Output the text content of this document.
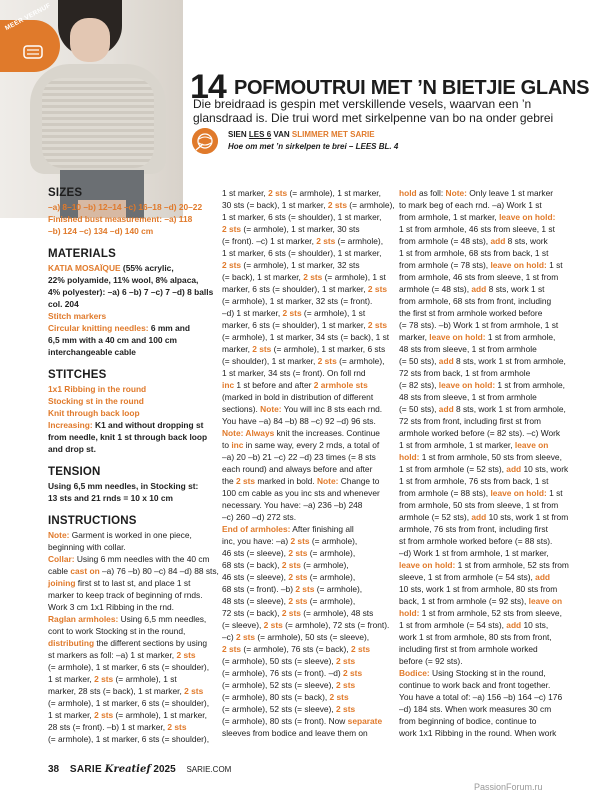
MEER VERNUF
14 POFMOUTRUI MET ’N BIETJIE GLANS

Die breidraad is gespin met verskillende vesels, waarvan een ’n glansdraad is. Die trui word met sirkelpenne van bo na onder gebrei

SIEN LES 6 VAN SLIMMER MET SARIE
Hoe om met ’n sirkelpen te brei – LEES BL. 4
SIZES

–a) 8–10 –b) 12–14 –c) 16–18 –d) 20–22

Finished bust measurement: –a) 118

–b) 124 –c) 134 –d) 140 cm

MATERIALS

KATIA MOSAÏQUE (55% acrylic,

22% polyamide, 11% wool, 8% alpaca,

4% polyester): –a) 6 –b) 7 –c) 7 –d) 8 balls

col. 204

Stitch markers

Circular knitting needles: 6 mm and

6,5 mm with a 40 cm and 100 cm

interchangeable cable

STITCHES

1x1 Ribbing in the round

Stocking st in the round

Knit through back loop

Increasing: K1 and without dropping st

from needle, knit 1 st through back loop

and drop st.

TENSION

Using 6,5 mm needles, in Stocking st:

13 sts and 21 rnds = 10 x 10 cm

INSTRUCTIONS

Note: Garment is worked in one piece,

beginning with collar.

Collar: Using 6 mm needles with the 40 cm

cable cast on –a) 76 –b) 80 –c) 84 –d) 88 sts,

joining first st to last st, and place 1 st

marker to keep track of beginning of rnds.

Work 3 cm 1x1 Ribbing in the rnd.

Raglan armholes: Using 6,5 mm needles,

cont to work Stocking st in the round,

distributing the different sections by using

st markers as foll: –a) 1 st marker, 2 sts

(= armhole), 1 st marker, 6 sts (= shoulder),

1 st marker, 2 sts (= armhole), 1 st

marker, 28 sts (= back), 1 st marker, 2 sts

(= armhole), 1 st marker, 6 sts (= shoulder),

1 st marker, 2 sts (= armhole), 1 st marker,

28 sts (= front). –b) 1 st marker, 2 sts

(= armhole), 1 st marker, 6 sts (= shoulder),

1 st marker, 2 sts (= armhole), 1 st marker,

30 sts (= back), 1 st marker, 2 sts (= armhole),

1 st marker, 6 sts (= shoulder), 1 st marker,

2 sts (= armhole), 1 st marker, 30 sts

(= front). –c) 1 st marker, 2 sts (= armhole),

1 st marker, 6 sts (= shoulder), 1 st marker,

2 sts (= armhole), 1 st marker, 32 sts

(= back), 1 st marker, 2 sts (= armhole), 1 st

marker, 6 sts (= shoulder), 1 st marker, 2 sts

(= armhole), 1 st marker, 32 sts (= front).

–d) 1 st marker, 2 sts (= armhole), 1 st

marker, 6 sts (= shoulder), 1 st marker, 2 sts

(= armhole), 1 st marker, 34 sts (= back), 1 st

marker, 2 sts (= armhole), 1 st marker, 6 sts

(= shoulder), 1 st marker, 2 sts (= armhole),

1 st marker, 34 sts (= front). On foll rnd

inc 1 st before and after 2 armhole sts

(marked in bold in distribution of different

sections). Note: You will inc 8 sts each rnd.

You have –a) 84 –b) 88 –c) 92 –d) 96 sts.

Note: Always knit the increases. Continue

to inc in same way, every 2 rnds, a total of

–a) 20 –b) 21 –c) 22 –d) 23 times (= 8 sts

each round) and always before and after

the 2 sts marked in bold. Note: Change to

100 cm cable as you inc sts and whenever

necessary. You have: –a) 236 –b) 248

–c) 260 –d) 272 sts.

End of armholes: After finishing all

inc, you have: –a) 2 sts (= armhole),

46 sts (= sleeve), 2 sts (= armhole),

68 sts (= back), 2 sts (= armhole),

46 sts (= sleeve), 2 sts (= armhole),

68 sts (= front). –b) 2 sts (= armhole),

48 sts (= sleeve), 2 sts (= armhole),

72 sts (= back), 2 sts (= armhole), 48 sts

(= sleeve), 2 sts (= armhole), 72 sts (= front).

–c) 2 sts (= armhole), 50 sts (= sleeve),

2 sts (= armhole), 76 sts (= back), 2 sts

(= armhole), 50 sts (= sleeve), 2 sts

(= armhole), 76 sts (= front). –d) 2 sts

(= armhole), 52 sts (= sleeve), 2 sts

(= armhole), 80 sts (= back), 2 sts

(= armhole), 52 sts (= sleeve), 2 sts

(= armhole), 80 sts (= front). Now separate

sleeves from bodice and leave them on

hold as foll: Note: Only leave 1 st marker

to mark beg of each rnd. –a) Work 1 st

from armhole, 1 st marker, leave on hold:

1 st from armhole, 46 sts from sleeve, 1 st

from armhole (= 48 sts), add 8 sts, work

1 st from armhole, 68 sts from back, 1 st

from armhole (= 78 sts), leave on hold: 1 st

from armhole, 46 sts from sleeve, 1 st from

armhole (= 48 sts), add 8 sts, work 1 st

from armhole, 68 sts from front, including

the first st from armhole worked before

(= 78 sts). –b) Work 1 st from armhole, 1 st

marker, leave on hold: 1 st from armhole,

48 sts from sleeve, 1 st from armhole

(= 50 sts), add 8 sts, work 1 st from armhole,

72 sts from back, 1 st from armhole

(= 82 sts), leave on hold: 1 st from armhole,

48 sts from sleeve, 1 st from armhole

(= 50 sts), add 8 sts, work 1 st from armhole,

72 sts from front, including first st from

armhole worked before (= 82 sts). –c) Work

1 st from armhole, 1 st marker, leave on

hold: 1 st from armhole, 50 sts from sleeve,

1 st from armhole (= 52 sts), add 10 sts, work

1 st from armhole, 76 sts from back, 1 st

from armhole (= 88 sts), leave on hold: 1 st

from armhole, 50 sts from sleeve, 1 st from

armhole (= 52 sts), add 10 sts, work 1 st from

armhole, 76 sts from front, including first

st from armhole worked before (= 88 sts).

–d) Work 1 st from armhole, 1 st marker,

leave on hold: 1 st from armhole, 52 sts from

sleeve, 1 st from armhole (= 54 sts), add

10 sts, work 1 st from armhole, 80 sts from

back, 1 st from armhole (= 92 sts), leave on

hold: 1 st from armhole, 52 sts from sleeve,

1 st from armhole (= 54 sts), add 10 sts,

work 1 st from armhole, 80 sts from front,

including first st from armhole worked

before (= 92 sts).

Bodice: Using Stocking st in the round,

continue to work back and front together.

You have a total of: –a) 156 –b) 164 –c) 176

–d) 184 sts. When work measures 30 cm

from beginning of bodice, continue to

work 1x1 Ribbing in the round. When work

38 SARIE Kreatief 2025 SARIE.COM
PassionForum.ru
